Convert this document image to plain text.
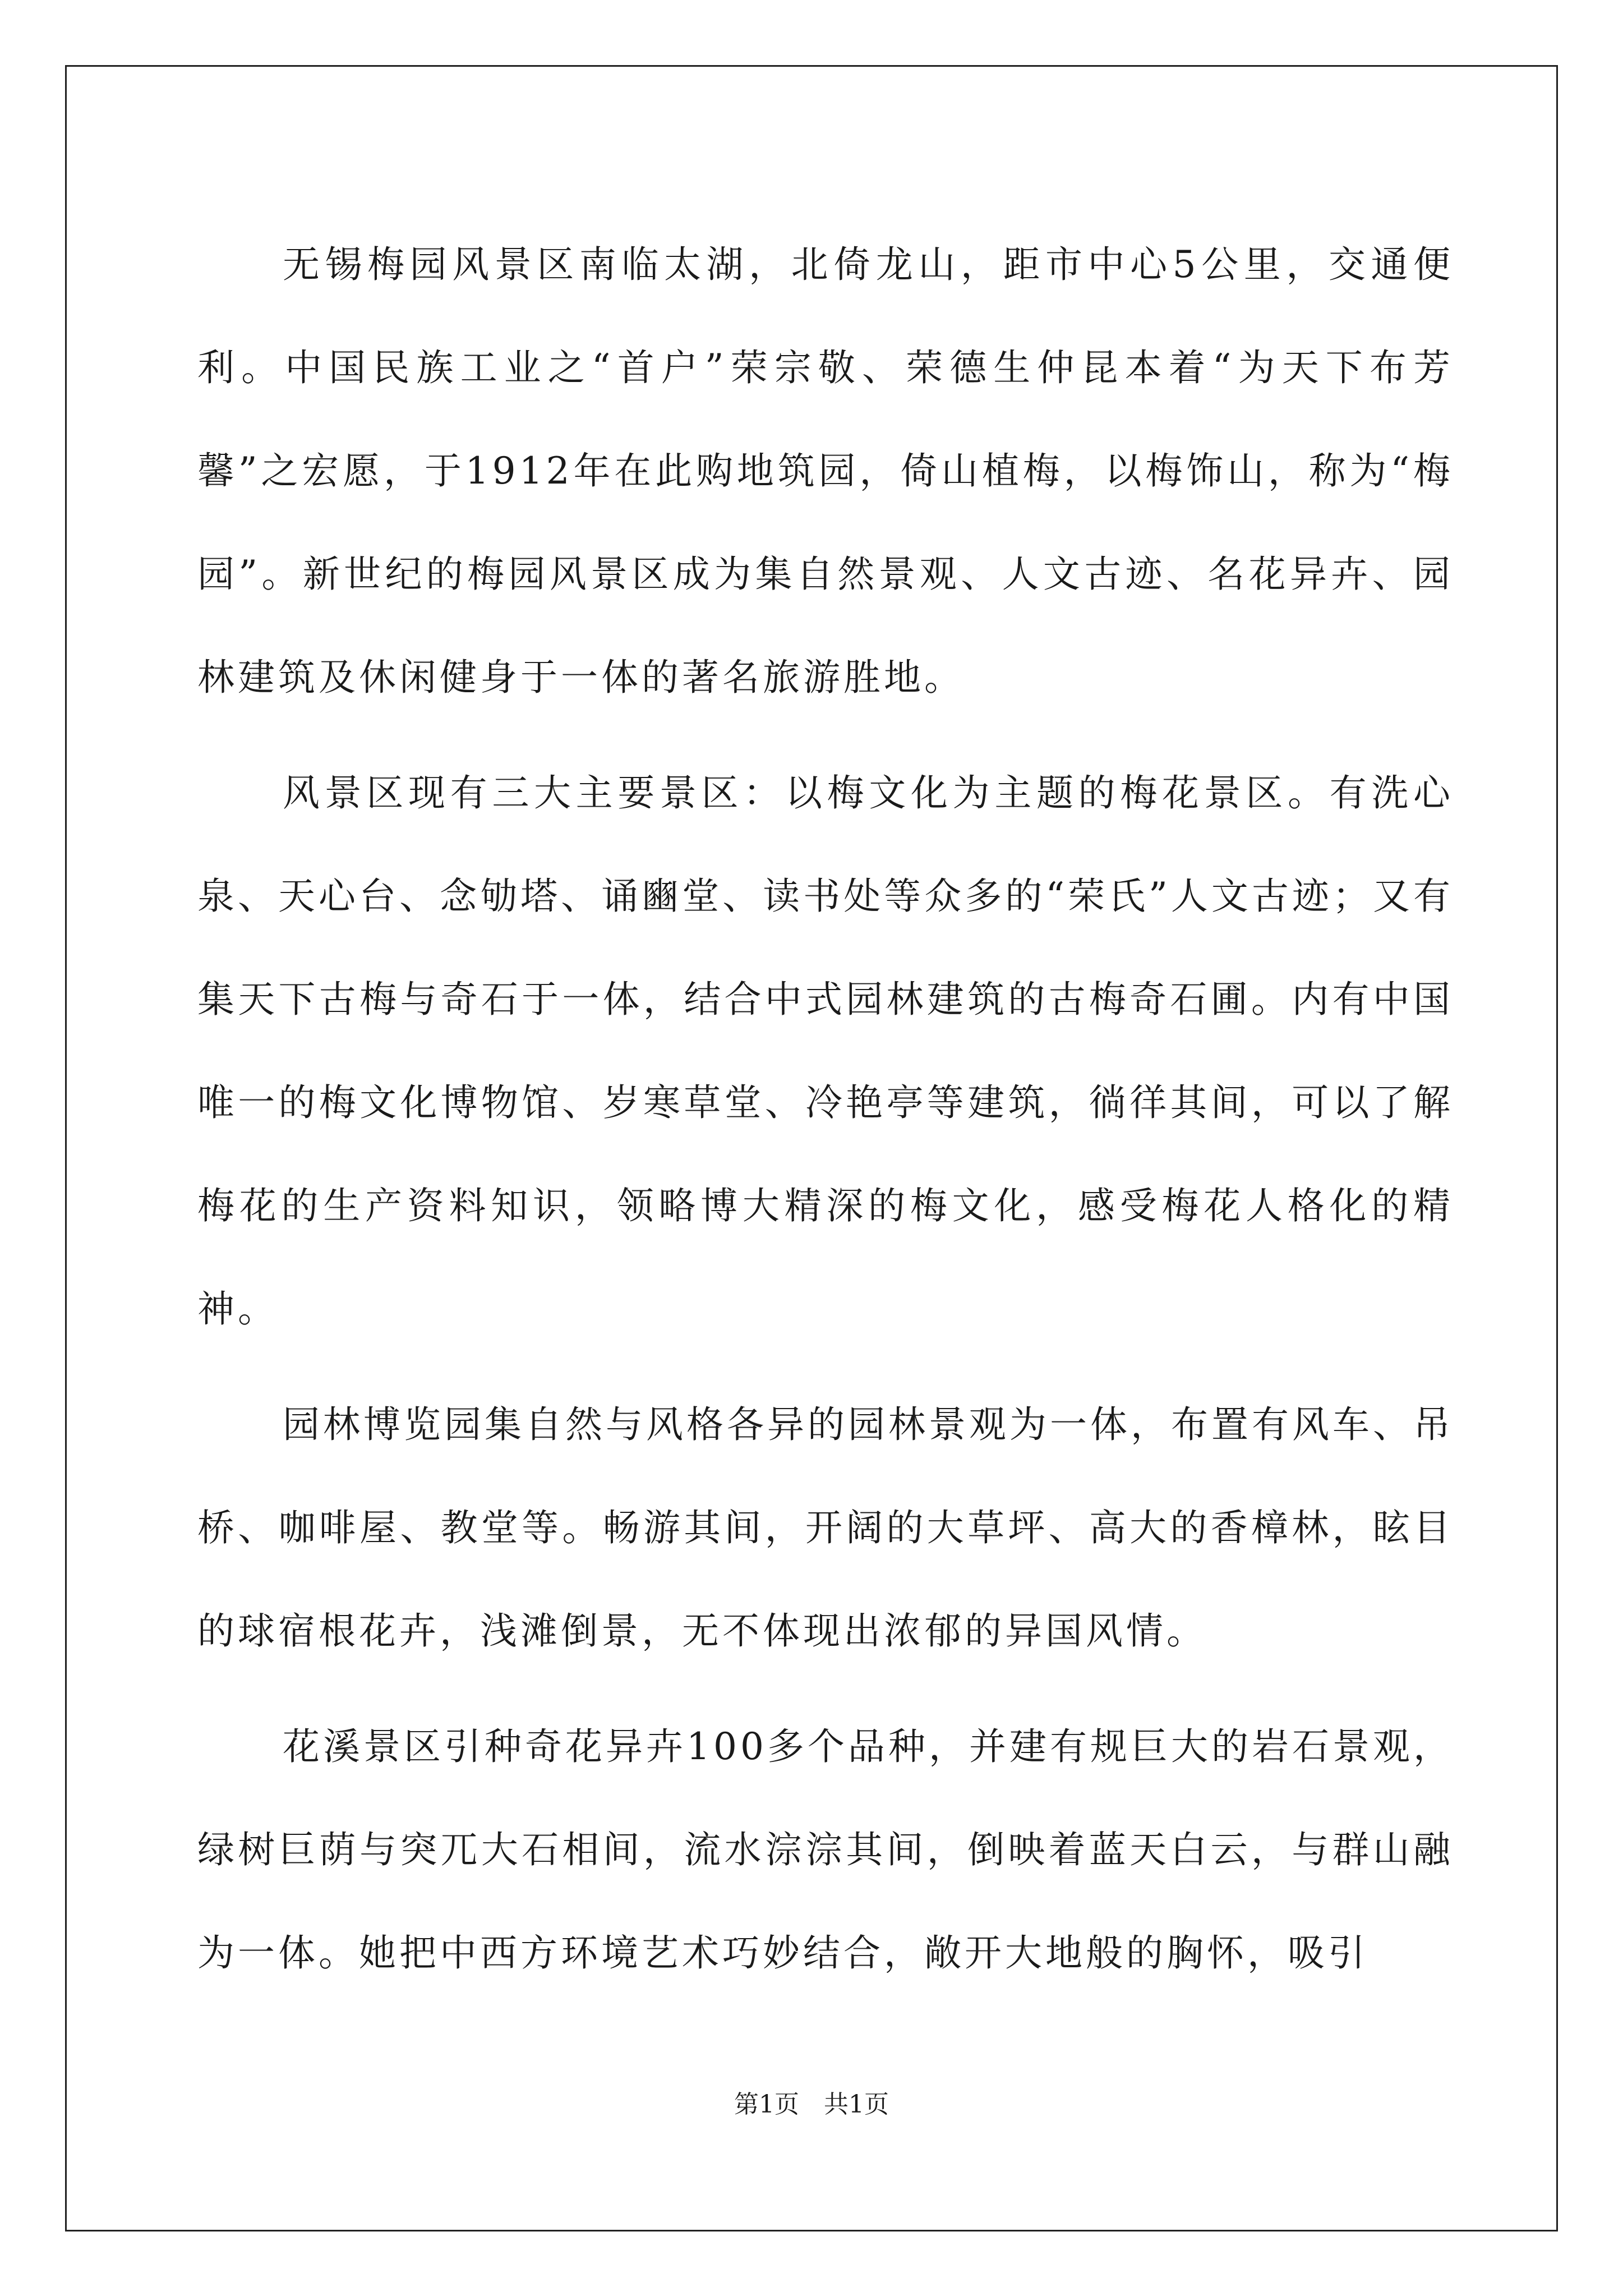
无锡梅园风景区南临太湖，北倚龙山，距市中心5公里，交通便利。中国民族工业之“首户”荣宗敬、荣德生仲昆本着“为天下布芳馨”之宏愿，于1912年在此购地筑园，倚山植梅，以梅饰山，称为“梅园”。新世纪的梅园风景区成为集自然景观、人文古迹、名花异卉、园林建筑及休闲健身于一体的著名旅游胜地。

风景区现有三大主要景区：以梅文化为主题的梅花景区。有洗心泉、天心台、念劬塔、诵豳堂、读书处等众多的“荣氏”人文古迹；又有集天下古梅与奇石于一体，结合中式园林建筑的古梅奇石圃。内有中国唯一的梅文化博物馆、岁寒草堂、冷艳亭等建筑，徜徉其间，可以了解梅花的生产资料知识，领略博大精深的梅文化，感受梅花人格化的精神。

园林博览园集自然与风格各异的园林景观为一体，布置有风车、吊桥、咖啡屋、教堂等。畅游其间，开阔的大草坪、高大的香樟林，眩目的球宿根花卉，浅滩倒景，无不体现出浓郁的异国风情。

花溪景区引种奇花异卉100多个品种，并建有规巨大的岩石景观，绿树巨荫与突兀大石相间，流水淙淙其间，倒映着蓝天白云，与群山融为一体。她把中西方环境艺术巧妙结合，敞开大地般的胸怀，吸引

第1页 共1页
